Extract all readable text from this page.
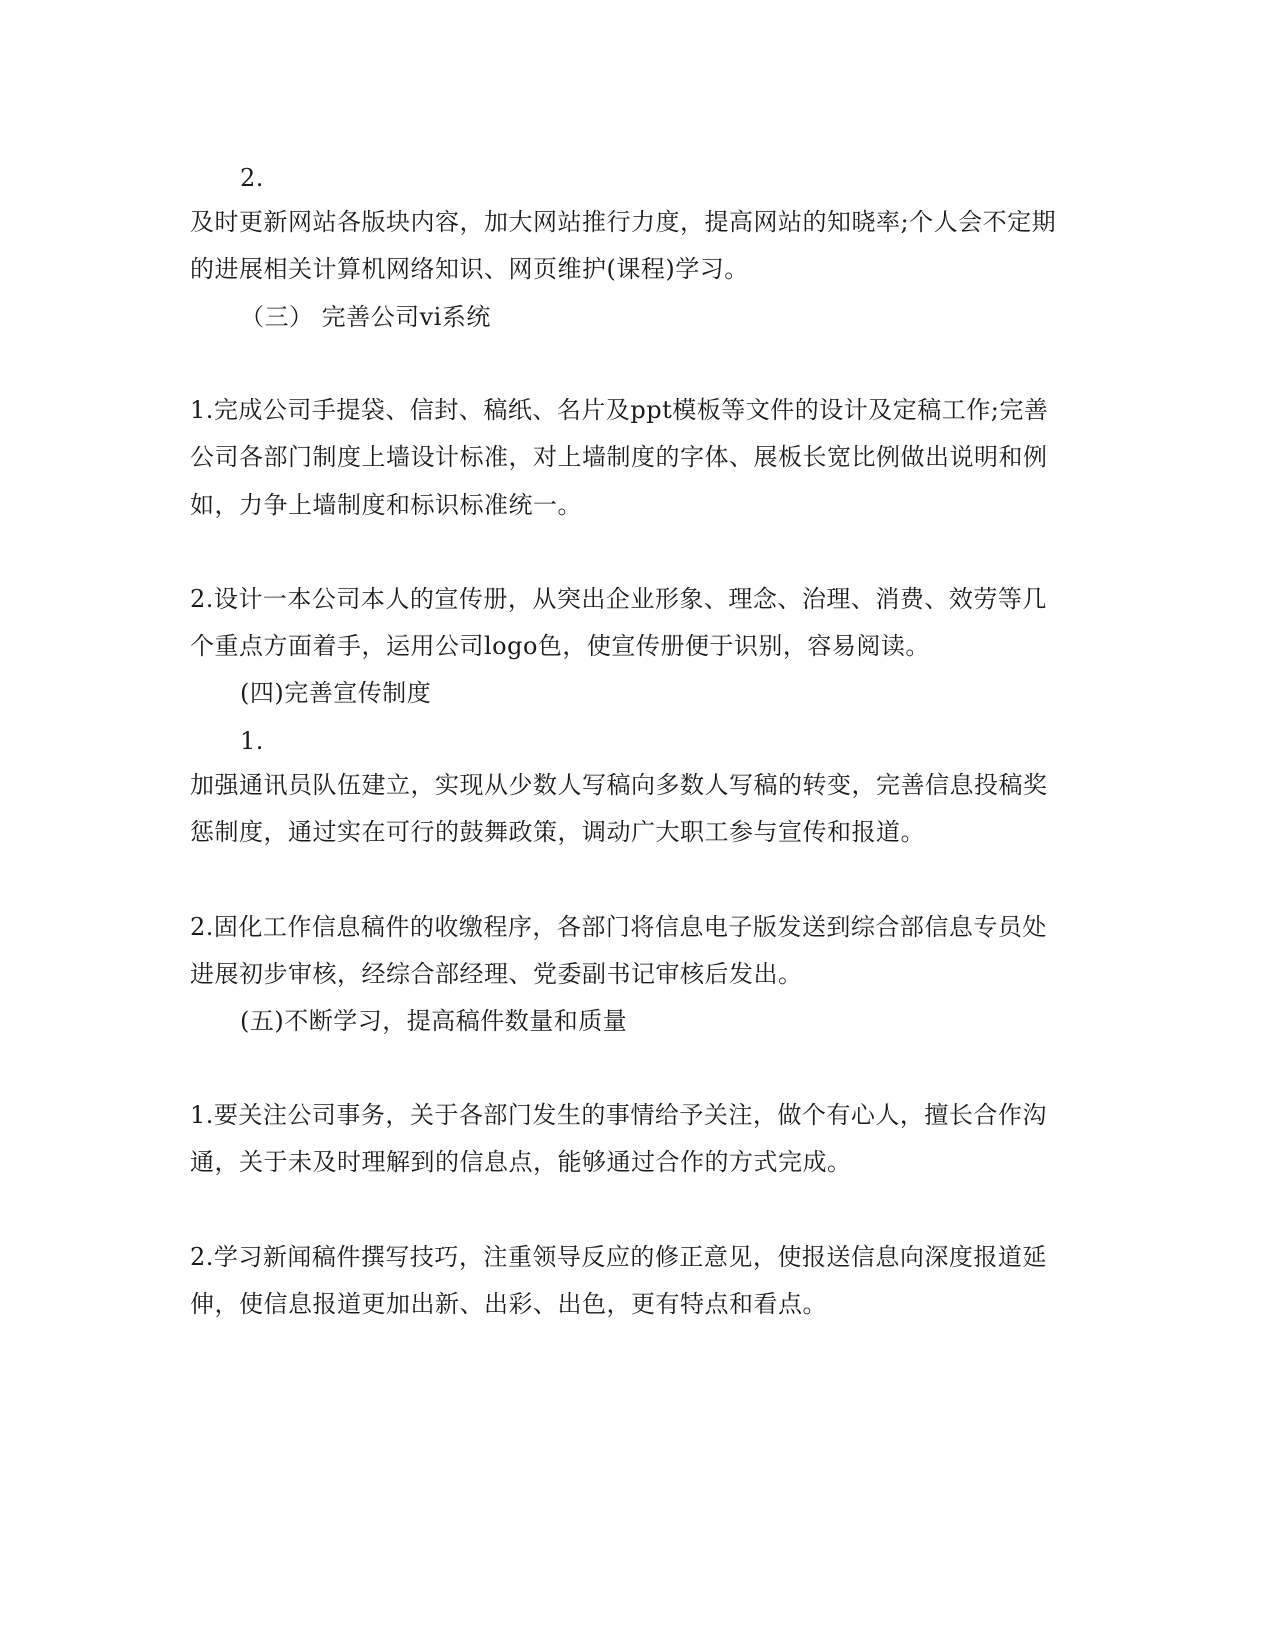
2.
及时更新网站各版块内容，加大网站推行力度，提高网站的知晓率;个人会不定期
的进展相关计算机网络知识、网页维护(课程)学习。
（三） 完善公司vi系统
1.完成公司手提袋、信封、稿纸、名片及ppt模板等文件的设计及定稿工作;完善
公司各部门制度上墙设计标准，对上墙制度的字体、展板长宽比例做出说明和例
如，力争上墙制度和标识标准统一。
2.设计一本公司本人的宣传册，从突出企业形象、理念、治理、消费、效劳等几
个重点方面着手，运用公司logo色，使宣传册便于识别，容易阅读。
(四)完善宣传制度
1.
加强通讯员队伍建立，实现从少数人写稿向多数人写稿的转变，完善信息投稿奖
惩制度，通过实在可行的鼓舞政策，调动广大职工参与宣传和报道。
2.固化工作信息稿件的收缴程序，各部门将信息电子版发送到综合部信息专员处
进展初步审核，经综合部经理、党委副书记审核后发出。
(五)不断学习，提高稿件数量和质量
1.要关注公司事务，关于各部门发生的事情给予关注，做个有心人，擅长合作沟
通，关于未及时理解到的信息点，能够通过合作的方式完成。
2.学习新闻稿件撰写技巧，注重领导反应的修正意见，使报送信息向深度报道延
伸，使信息报道更加出新、出彩、出色，更有特点和看点。
